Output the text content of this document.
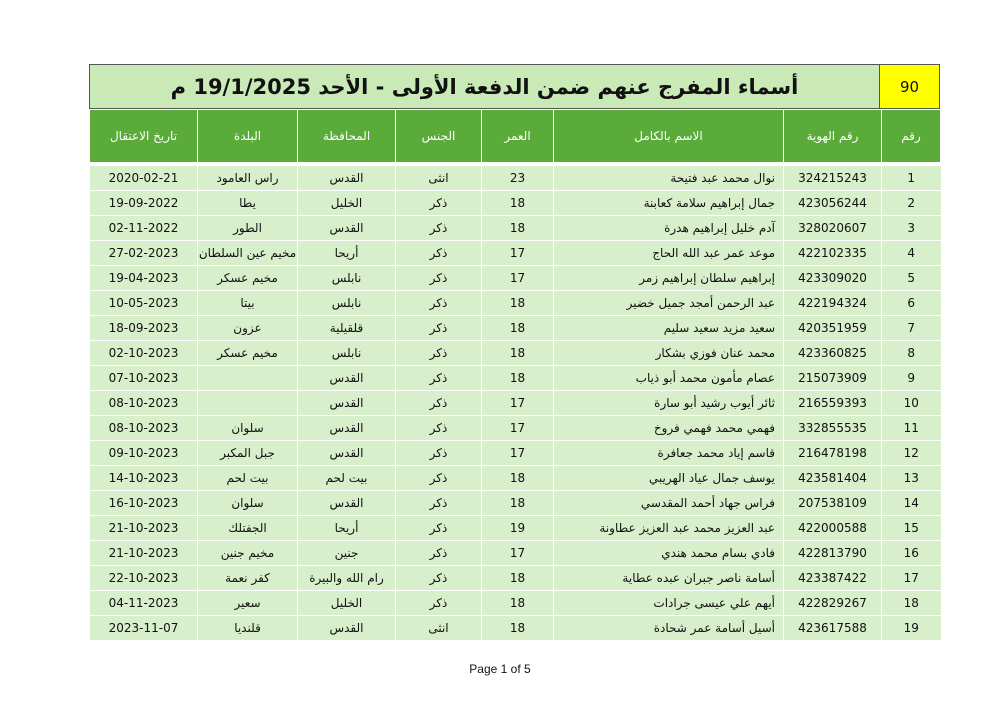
90
أسماء المفرج عنهم ضمن الدفعة الأولى - الأحد 19/1/2025 م
رقم	رقم الهوية	الاسم بالكامل	العمر	الجنس	المحافظة	البلدة	تاريخ الاعتقال

1	324215243	نوال محمد عبد فتيحة	23	انثى	القدس	راس العامود	2020-02-21
2	423056244	جمال إبراهيم سلامة كعابنة	18	ذكر	الخليل	يطا	19-09-2022
3	328020607	آدم خليل إبراهيم هدرة	18	ذكر	القدس	الطور	02-11-2022
4	422102335	موعد عمر عبد الله الحاج	17	ذكر	أريحا	مخيم عين السلطان	27-02-2023
5	423309020	إبراهيم سلطان إبراهيم زمر	17	ذكر	نابلس	مخيم عسكر	19-04-2023
6	422194324	عبد الرحمن أمجد جميل خضير	18	ذكر	نابلس	بيتا	10-05-2023
7	420351959	سعيد مزيد سعيد سليم	18	ذكر	قلقيلية	عزون	18-09-2023
8	423360825	محمد عنان فوزي بشكار	18	ذكر	نابلس	مخيم عسكر	02-10-2023
9	215073909	عصام مأمون محمد أبو ذياب	18	ذكر	القدس		07-10-2023
10	216559393	ثائر أيوب رشيد أبو سارة	17	ذكر	القدس		08-10-2023
11	332855535	فهمي محمد فهمي فروخ	17	ذكر	القدس	سلوان	08-10-2023
12	216478198	قاسم إياد محمد جعافرة	17	ذكر	القدس	جبل المكبر	09-10-2023
13	423581404	يوسف جمال عياد الهريبي	18	ذكر	بيت لحم	بيت لحم	14-10-2023
14	207538109	فراس جهاد أحمد المقدسي	18	ذكر	القدس	سلوان	16-10-2023
15	422000588	عبد العزيز محمد عبد العزيز عطاونة	19	ذكر	أريحا	الجفتلك	21-10-2023
16	422813790	فادي بسام محمد هندي	17	ذكر	جنين	مخيم جنين	21-10-2023
17	423387422	أسامة ناصر جبران عبده عطاية	18	ذكر	رام الله والبيرة	كفر نعمة	22-10-2023
18	422829267	أيهم علي عيسى جرادات	18	ذكر	الخليل	سعير	04-11-2023
19	423617588	أسيل أسامة عمر شحادة	18	انثى	القدس	قلنديا	2023-11-07
Page 1 of 5
